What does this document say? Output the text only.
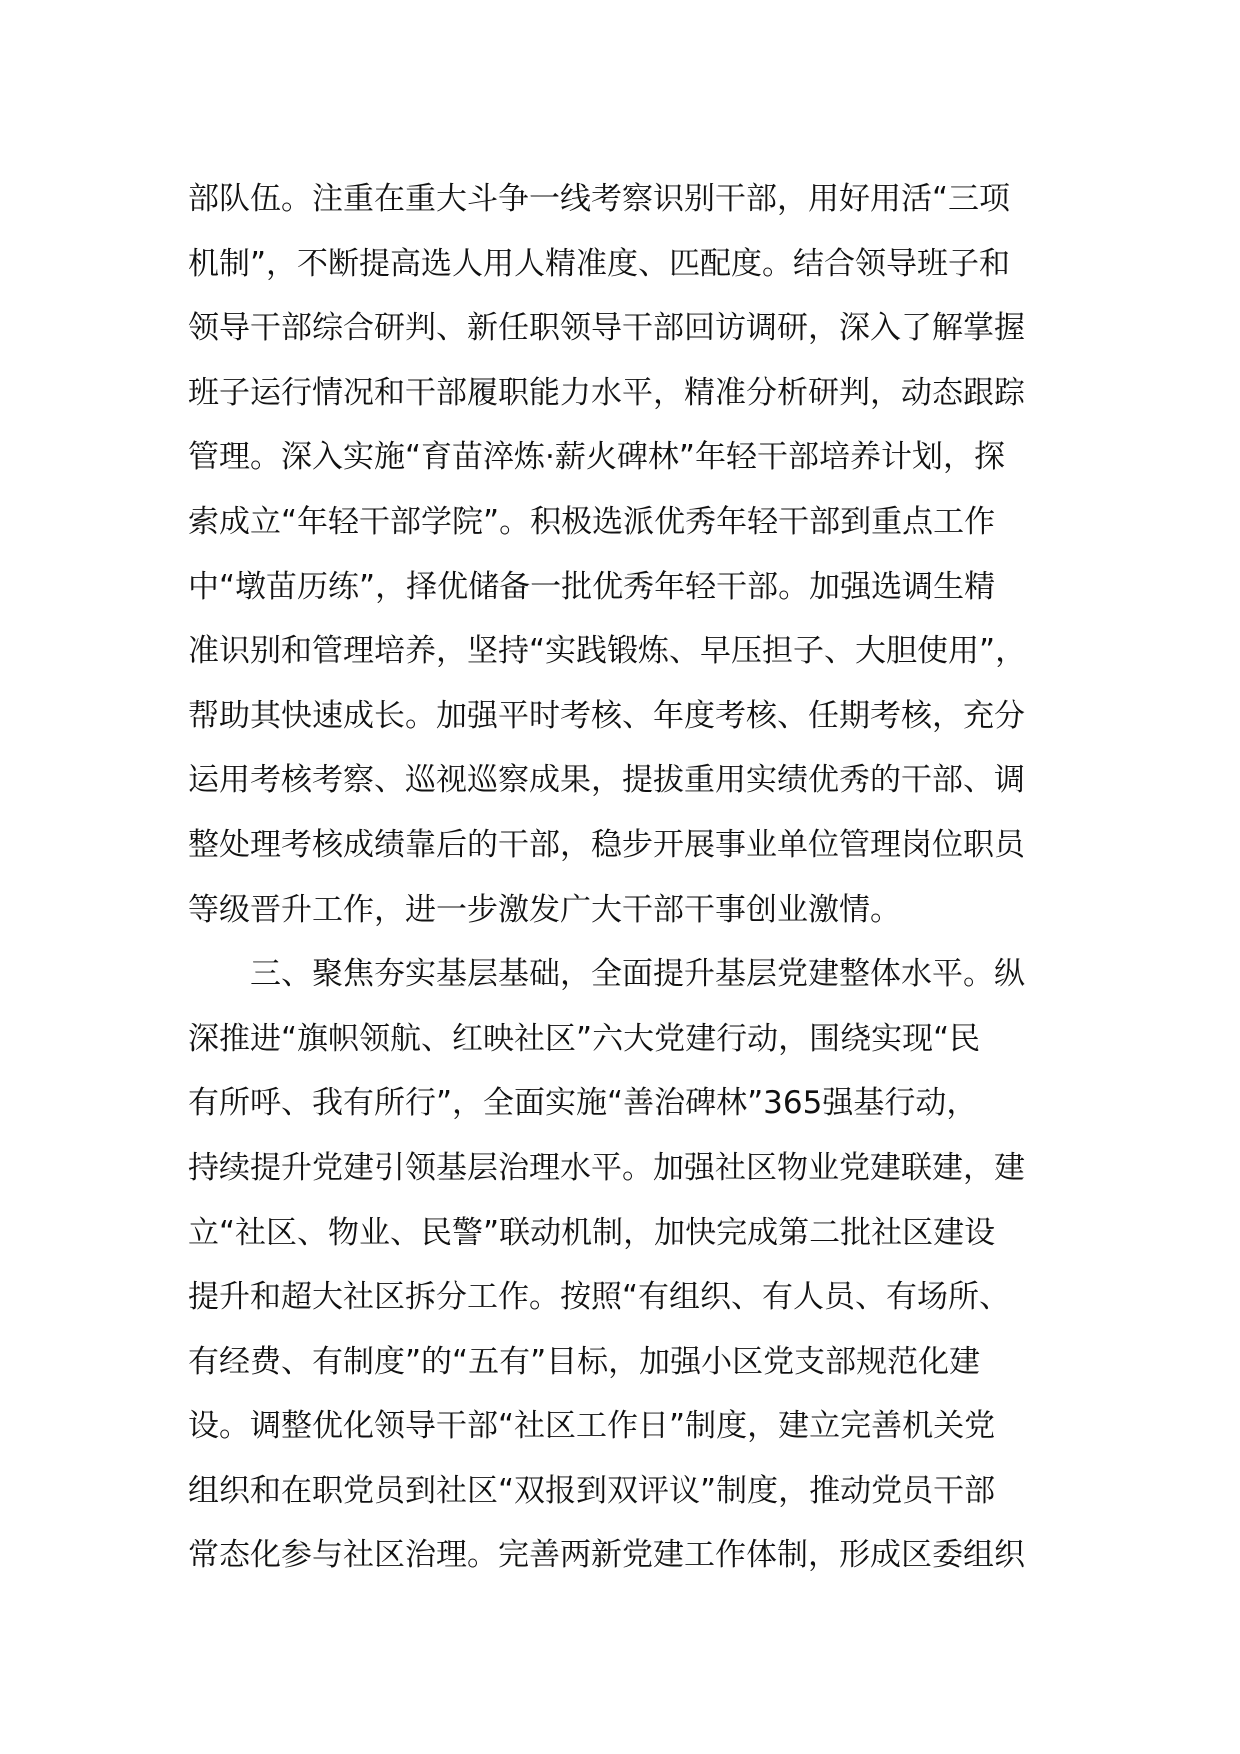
部队伍。注重在重大斗争一线考察识别干部，用好用活“三项
机制”，不断提高选人用人精准度、匹配度。结合领导班子和
领导干部综合研判、新任职领导干部回访调研，深入了解掌握
班子运行情况和干部履职能力水平，精准分析研判，动态跟踪
管理。深入实施“育苗淬炼·薪火碑林”年轻干部培养计划，探
索成立“年轻干部学院”。积极选派优秀年轻干部到重点工作
中“墩苗历练”，择优储备一批优秀年轻干部。加强选调生精
准识别和管理培养，坚持“实践锻炼、早压担子、大胆使用”，
帮助其快速成长。加强平时考核、年度考核、任期考核，充分
运用考核考察、巡视巡察成果，提拔重用实绩优秀的干部、调
整处理考核成绩靠后的干部，稳步开展事业单位管理岗位职员
等级晋升工作，进一步激发广大干部干事创业激情。
三、聚焦夯实基层基础，全面提升基层党建整体水平。纵
深推进“旗帜领航、红映社区”六大党建行动，围绕实现“民
有所呼、我有所行”，全面实施“善治碑林”365强基行动，
持续提升党建引领基层治理水平。加强社区物业党建联建，建
立“社区、物业、民警”联动机制，加快完成第二批社区建设
提升和超大社区拆分工作。按照“有组织、有人员、有场所、
有经费、有制度”的“五有”目标，加强小区党支部规范化建
设。调整优化领导干部“社区工作日”制度，建立完善机关党
组织和在职党员到社区“双报到双评议”制度，推动党员干部
常态化参与社区治理。完善两新党建工作体制，形成区委组织
